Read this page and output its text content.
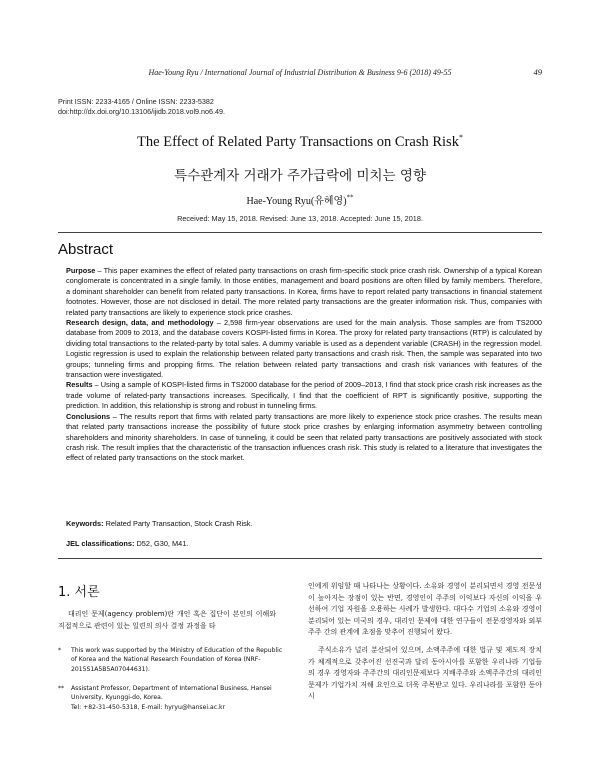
Hae-Young Ryu / International Journal of Industrial Distribution & Business 9-6 (2018) 49-55	49
Print ISSN: 2233-4165 / Online ISSN: 2233-5382
doi:http://dx.doi.org/10.13106/ijidb.2018.vol9.no6.49.
The Effect of Related Party Transactions on Crash Risk*
특수관계자 거래가 주가급락에 미치는 영향
Hae-Young Ryu(유혜영)**
Received: May 15, 2018. Revised: June 13, 2018. Accepted: June 15, 2018.
Abstract

Purpose – This paper examines the effect of related party transactions on crash firm-specific stock price crash risk. Ownership of a typical Korean conglomerate is concentrated in a single family. In those entities, management and board positions are often filled by family members. Therefore, a dominant shareholder can benefit from related party transactions. In Korea, firms have to report related party transactions in financial statement footnotes. However, those are not disclosed in detail. The more related party transactions are the greater information risk. Thus, companies with related party transactions are likely to experience stock price crashes.

Research design, data, and methodology – 2,598 firm-year observations are used for the main analysis. Those samples are from TS2000 database from 2009 to 2013, and the database covers KOSPI-listed firms in Korea. The proxy for related party transactions (RTP) is calculated by dividing total transactions to the related-party by total sales. A dummy variable is used as a dependent variable (CRASH) in the regression model. Logistic regression is used to explain the relationship between related party transactions and crash risk. Then, the sample was separated into two groups; tunneling firms and propping firms. The relation between related party transactions and crash risk variances with features of the transaction were investigated.

Results – Using a sample of KOSPI-listed firms in TS2000 database for the period of 2009–2013, I find that stock price crash risk increases as the trade volume of related-party transactions increases. Specifically, I find that the coefficient of RPT is significantly positive, supporting the prediction. In addition, this relationship is strong and robust in tunneling firms.

Conclusions – The results report that firms with related party transactions are more likely to experience stock price crashes. The results mean that related party transactions increase the possibility of future stock price crashes by enlarging information asymmetry between controlling shareholders and minority shareholders. In case of tunneling, it could be seen that related party transactions are positively associated with stock crash risk. The result implies that the characteristic of the transaction influences crash risk. This study is related to a literature that investigates the effect of related party transactions on the stock market.

Keywords: Related Party Transaction, Stock Crash Risk.
JEL classifications: D52, G30, M41.
1. 서론
대리인 문제(agency problem)란 개인 혹은 집단이 본인의 이해와 직접적으로 관련이 있는 일련의 의사 결정 과정을 타
* This work was supported by the Ministry of Education of the Republic of Korea and the National Research Foundation of Korea (NRF-2015S1A5B5A07044631).
** Assistant Professor, Department of International Business, Hansei University, Kyunggi-do, Korea.
Tel: +82-31-450-5318, E-mail: hyryu@hansei.ac.kr

인에게 위임할 때 나타나는 상황이다. 소유와 경영이 분리되면서 경영 전문성이 높아지는 장점이 있는 반면, 경영인이 주주의 이익보다 자신의 이익을 우선하여 기업 자원을 오용하는 사례가 발생한다. 대다수 기업의 소유와 경영이 분리되어 있는 미국의 경우, 대리인 문제에 대한 연구들이 전문경영자와 외부 주주 간의 관계에 초점을 맞추어 진행되어 왔다.

주식소유가 널리 분산되어 있으며, 소액주주에 대한 법규 및 제도적 장치가 체계적으로 갖추어진 선진국과 달리 동아시아를 포함한 우리나라 기업들의 경우 경영자와 주주간의 대리인문제보다 지배주주와 소액주주간의 대리인문제가 기업가치 저해 요인으로 더욱 주목받고 있다. 우리나라를 포함한 동아시
